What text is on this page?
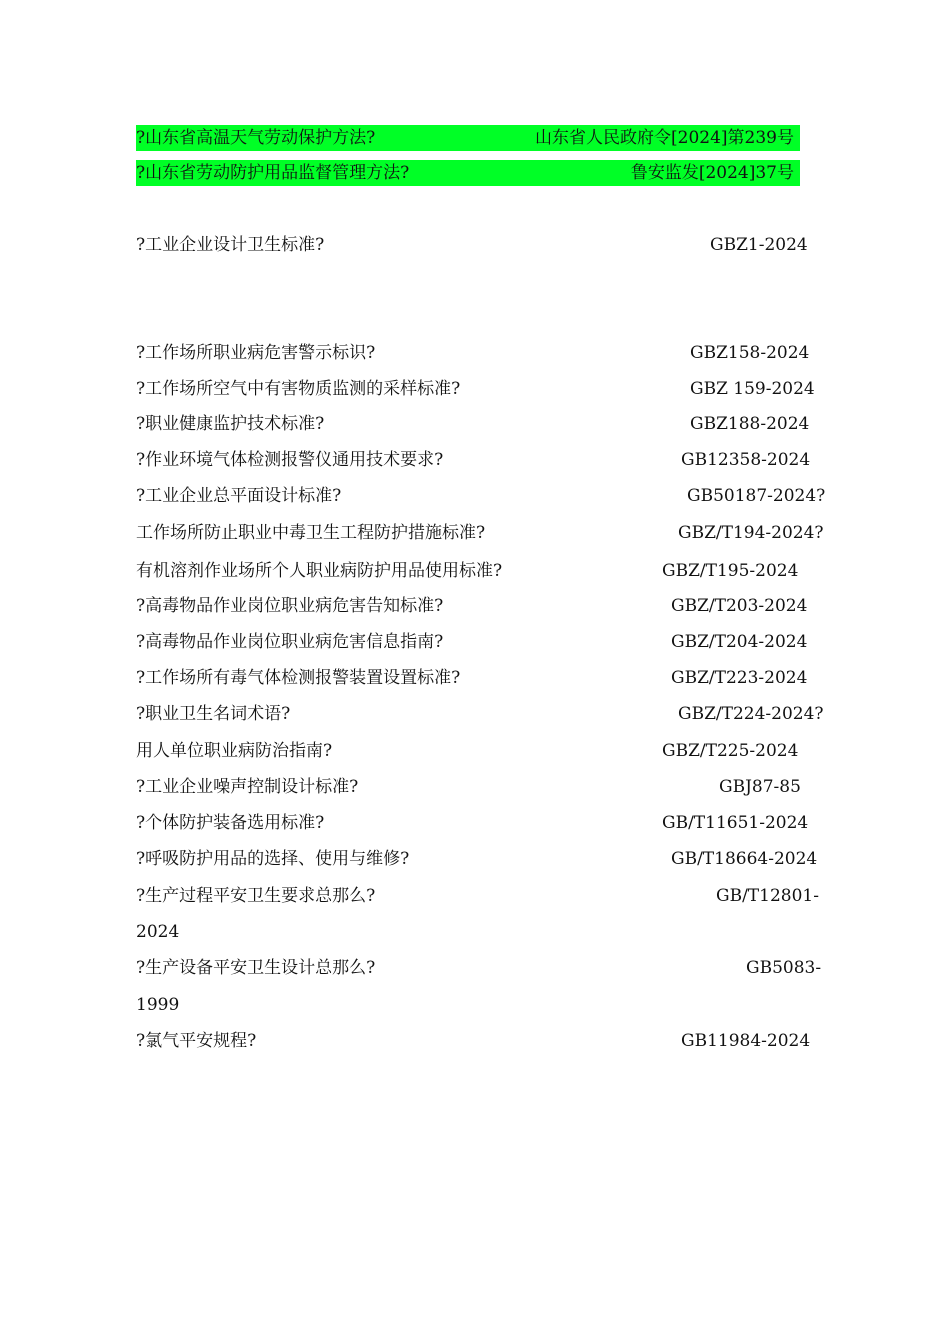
?山东省高温天气劳动保护方法?	山东省人民政府令[2024]第239号
?山东省劳动防护用品监督管理方法?	鲁安监发[2024]37号
?工业企业设计卫生标准?	GBZ1-2024
?工作场所职业病危害警示标识?	GBZ158-2024
?工作场所空气中有害物质监测的采样标准?	GBZ 159-2024
?职业健康监护技术标准?	GBZ188-2024
?作业环境气体检测报警仪通用技术要求?	GB12358-2024
?工业企业总平面设计标准?	GB50187-2024?
工作场所防止职业中毒卫生工程防护措施标准?	GBZ/T194-2024?
有机溶剂作业场所个人职业病防护用品使用标准?	GBZ/T195-2024
?高毒物品作业岗位职业病危害告知标准?	GBZ/T203-2024
?高毒物品作业岗位职业病危害信息指南?	GBZ/T204-2024
?工作场所有毒气体检测报警装置设置标准?	GBZ/T223-2024
?职业卫生名词术语?	GBZ/T224-2024?
用人单位职业病防治指南?	GBZ/T225-2024
?工业企业噪声控制设计标准?	GBJ87-85
?个体防护装备选用标准?	GB/T11651-2024
?呼吸防护用品的选择、使用与维修?	GB/T18664-2024
?生产过程平安卫生要求总那么?	GB/T12801-
2024
?生产设备平安卫生设计总那么?	GB5083-
1999
?氯气平安规程?	GB11984-2024
